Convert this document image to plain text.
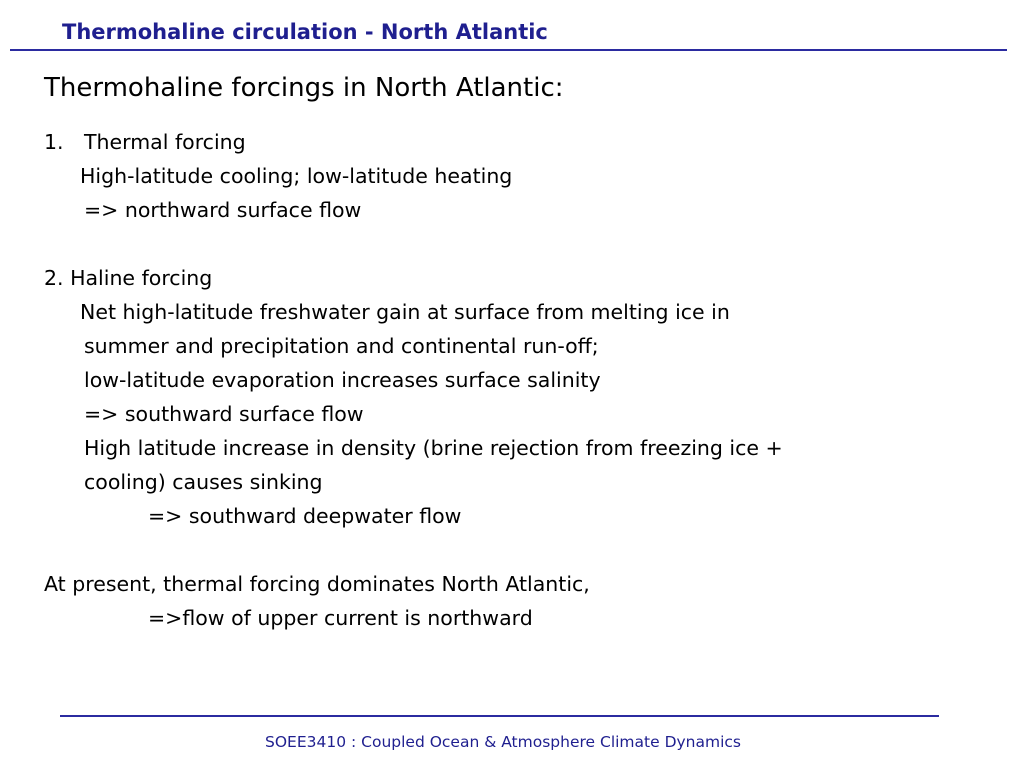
Thermohaline circulation - North Atlantic
Thermohaline forcings in North Atlantic:
1. Thermal forcing
High-latitude cooling; low-latitude heating
=> northward surface flow
2. Haline forcing
Net high-latitude freshwater gain at surface from melting ice in
summer and precipitation and continental run-off;
low-latitude evaporation increases surface salinity
=> southward surface flow
High latitude increase in density (brine rejection from freezing ice +
cooling) causes sinking
=> southward deepwater flow
At present, thermal forcing dominates North Atlantic,
=>flow of upper current is northward
SOEE3410 : Coupled Ocean & Atmosphere Climate Dynamics
